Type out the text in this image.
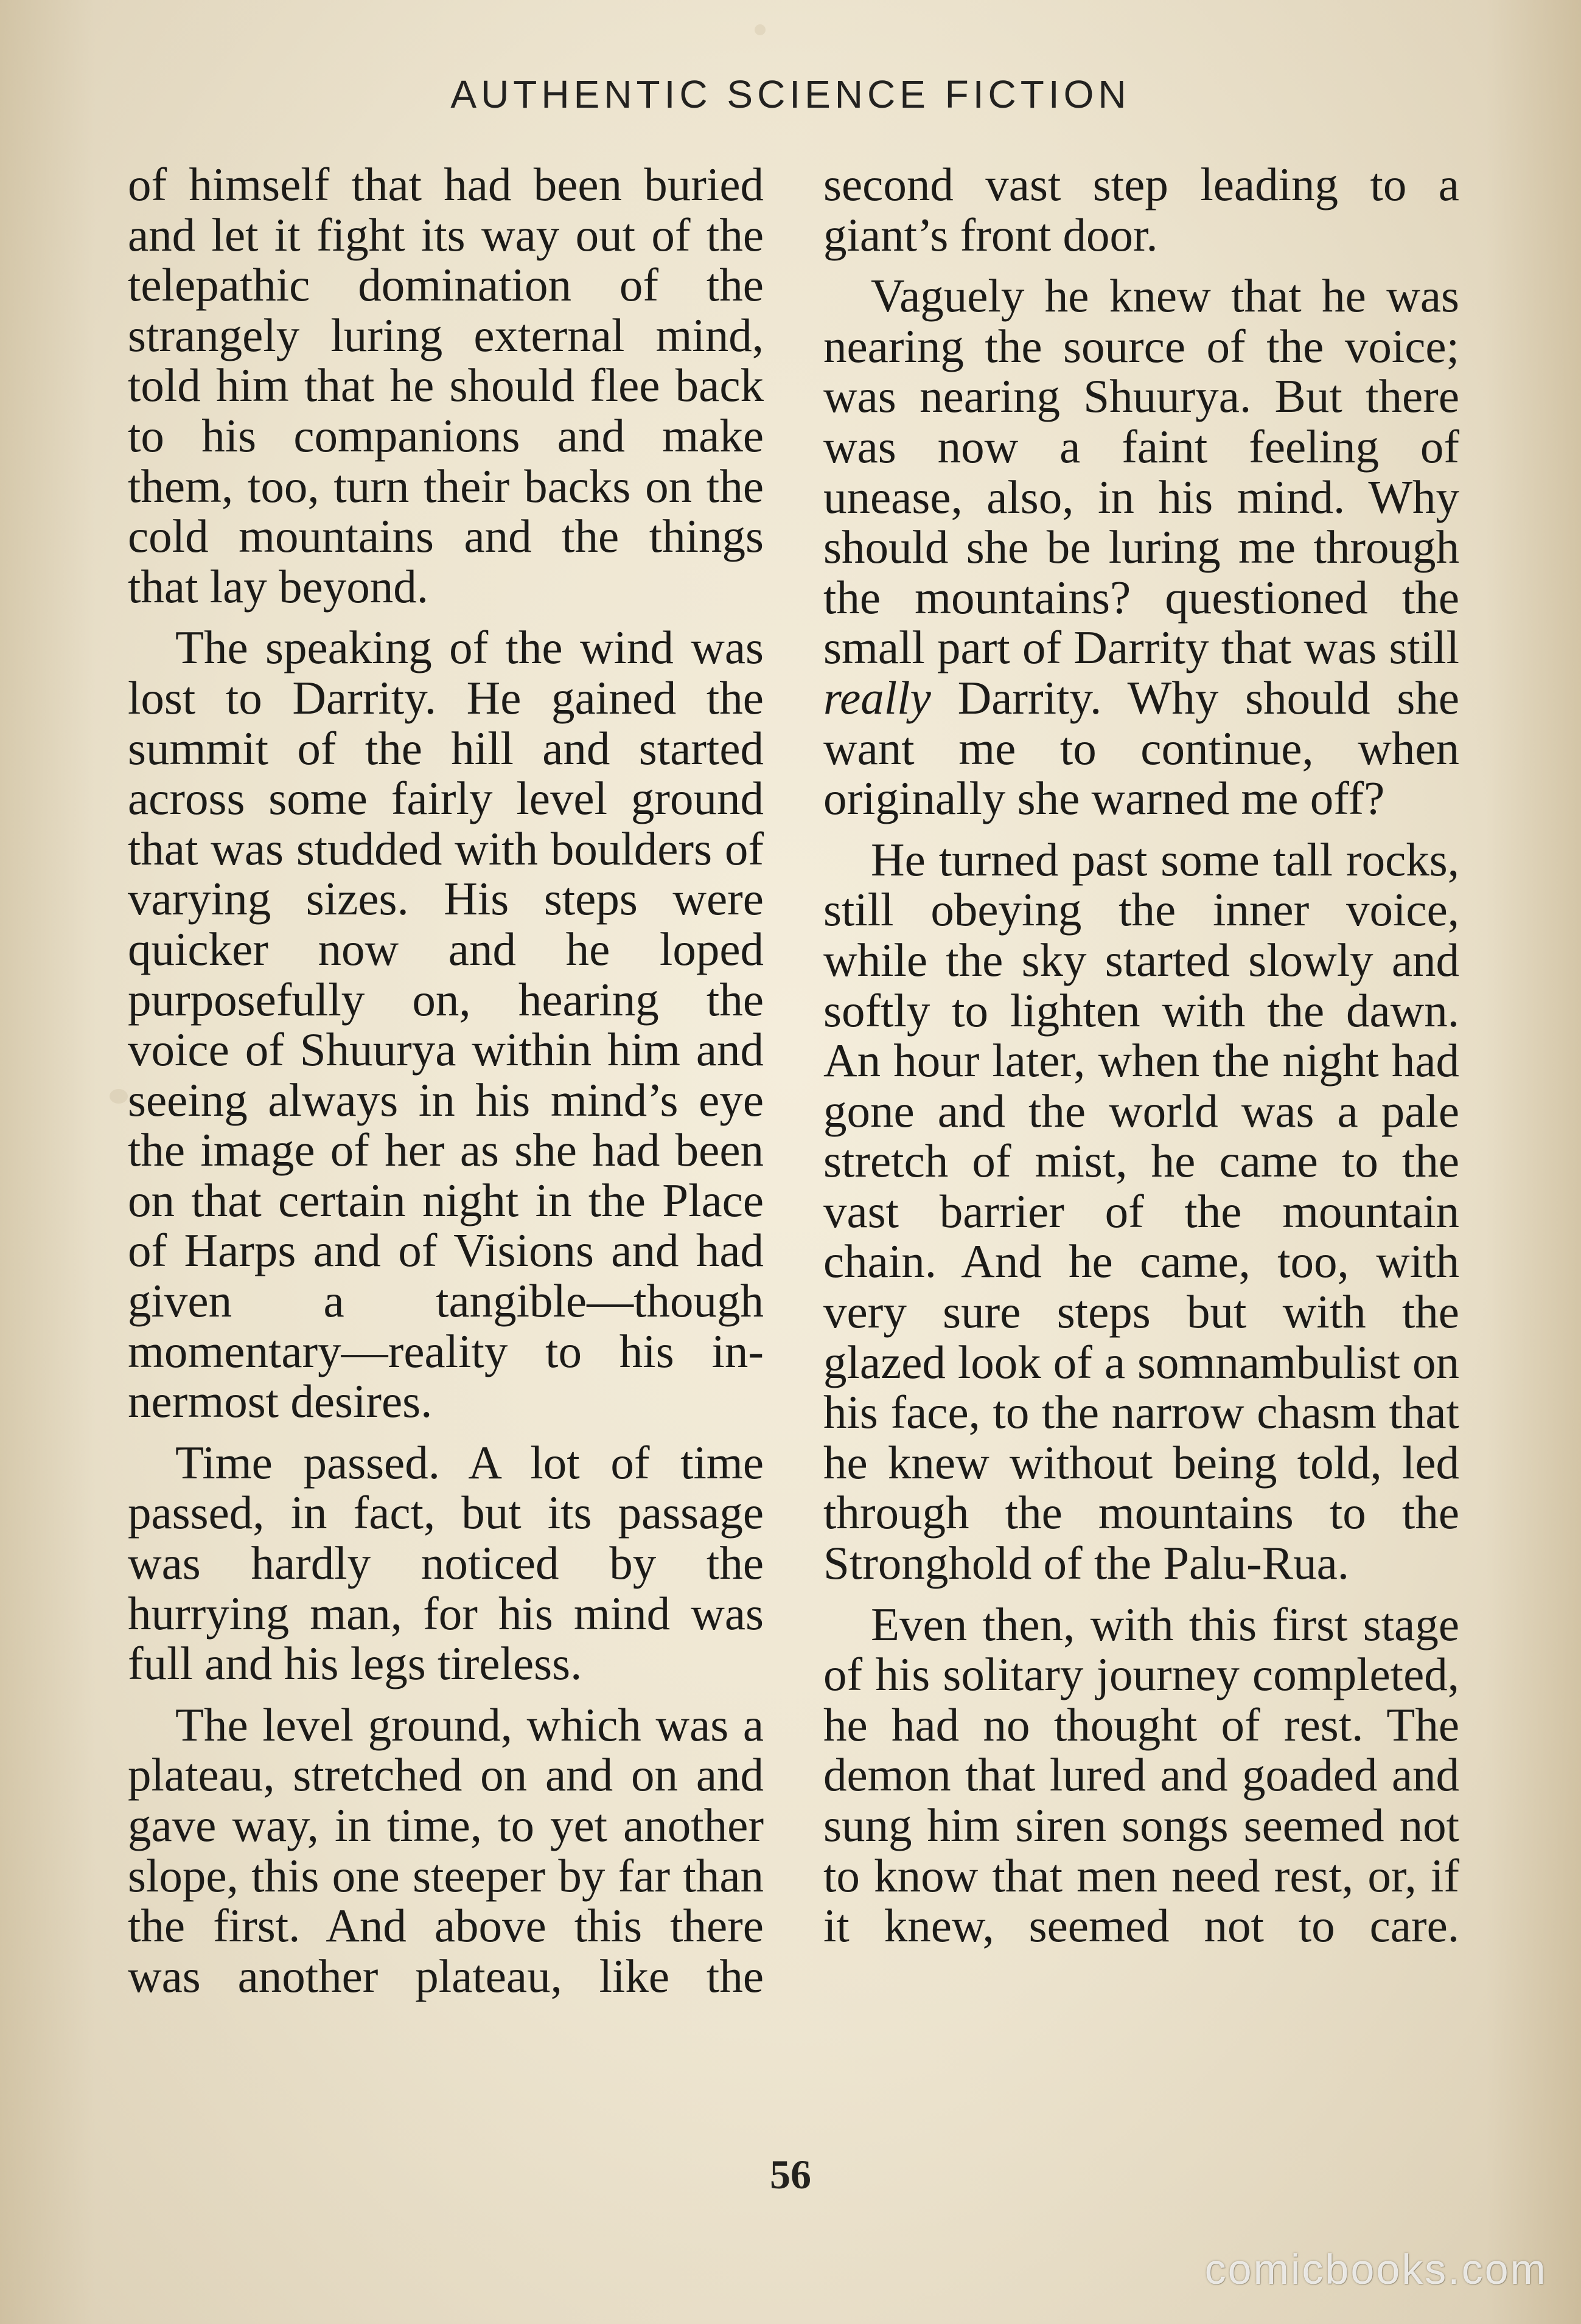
AUTHENTIC SCIENCE FICTION

of himself that had been buried and let it fight its way out of the telepathic domination of the strangely luring external mind, told him that he should flee back to his companions and make them, too, turn their backs on the cold mountains and the things that lay beyond.

The speaking of the wind was lost to Darrity. He gained the summit of the hill and started across some fairly level ground that was studded with boulders of varying sizes. His steps were quicker now and he loped purposefully on, hearing the voice of Shuurya within him and seeing always in his mind’s eye the image of her as she had been on that certain night in the Place of Harps and of Visions and had given a tangible—though momentary—reality to his innermost desires.

Time passed. A lot of time passed, in fact, but its passage was hardly noticed by the hurrying man, for his mind was full and his legs tireless.

The level ground, which was a plateau, stretched on and on and gave way, in time, to yet another slope, this one steeper by far than the first. And above this there was another plateau, like the

second vast step leading to a giant’s front door.

Vaguely he knew that he was nearing the source of the voice; was nearing Shuurya. But there was now a faint feeling of unease, also, in his mind. Why should she be luring me through the mountains? questioned the small part of Darrity that was still really Darrity. Why should she want me to continue, when originally she warned me off?

He turned past some tall rocks, still obeying the inner voice, while the sky started slowly and softly to lighten with the dawn. An hour later, when the night had gone and the world was a pale stretch of mist, he came to the vast barrier of the mountain chain. And he came, too, with very sure steps but with the glazed look of a somnambulist on his face, to the narrow chasm that he knew without being told, led through the mountains to the Stronghold of the Palu-Rua.

Even then, with this first stage of his solitary journey completed, he had no thought of rest. The demon that lured and goaded and sung him siren songs seemed not to know that men need rest, or, if it knew, seemed not to care.

56
comicbooks.com
